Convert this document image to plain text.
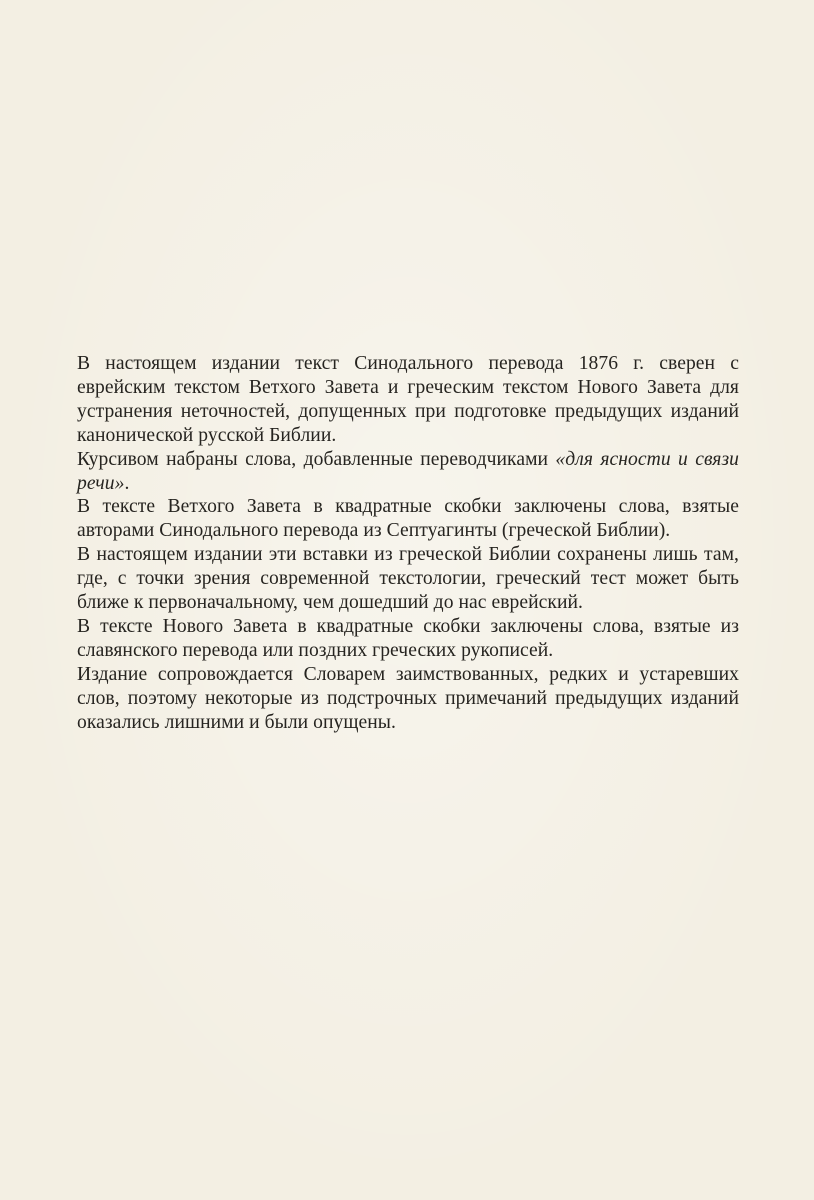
В настоящем издании текст Синодального перевода 1876 г. сверен с еврейским текстом Ветхого Завета и греческим текстом Нового Завета для устранения неточностей, допущенных при подготовке предыдущих изданий канонической русской Библии.

Курсивом набраны слова, добавленные переводчиками «для ясности и связи речи».

В тексте Ветхого Завета в квадратные скобки заключены слова, взятые авторами Синодального перевода из Септуагинты (греческой Библии).

В настоящем издании эти вставки из греческой Библии сохранены лишь там, где, с точки зрения современной текстологии, греческий тест может быть ближе к первоначальному, чем дошедший до нас еврейский.

В тексте Нового Завета в квадратные скобки заключены слова, взятые из славянского перевода или поздних греческих рукописей.

Издание сопровождается Словарем заимствованных, редких и устаревших слов, поэтому некоторые из подстрочных примечаний предыдущих изданий оказались лишними и были опущены.
